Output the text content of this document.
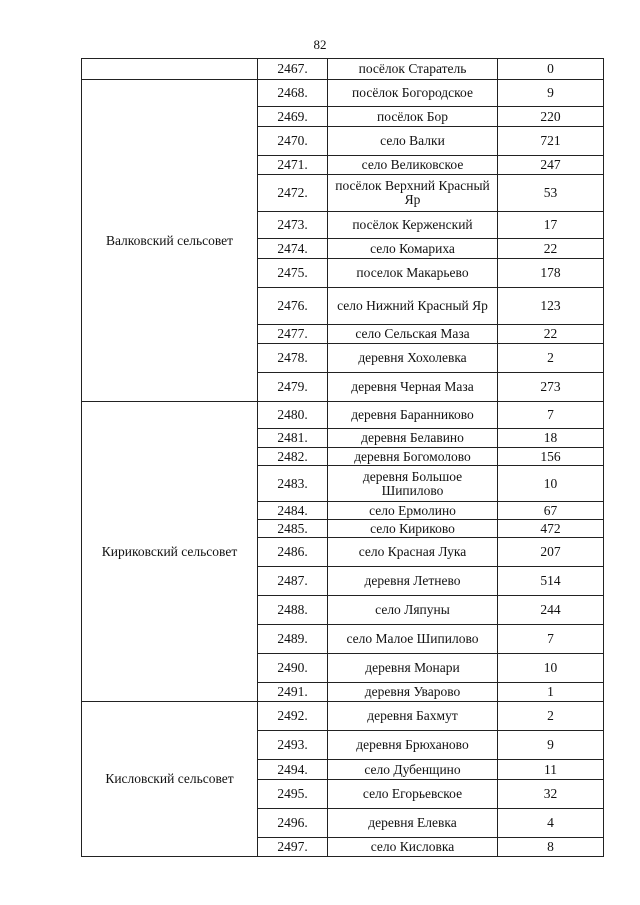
82
	2467.	посёлок Старатель	0
Валковский сельсовет	2468.	посёлок Богородское	9
	2469.	посёлок Бор	220
	2470.	село Валки	721
	2471.	село Великовское	247
	2472.	посёлок Верхний Красный Яр	53
	2473.	посёлок Керженский	17
	2474.	село Комариха	22
	2475.	поселок Макарьево	178
	2476.	село Нижний Красный Яр	123
	2477.	село Сельская Маза	22
	2478.	деревня Хохолевка	2
	2479.	деревня Черная Маза	273
Кириковский сельсовет	2480.	деревня Баранниково	7
	2481.	деревня Белавино	18
	2482.	деревня Богомолово	156
	2483.	деревня Большое Шипилово	10
	2484.	село Ермолино	67
	2485.	село Кириково	472
	2486.	село Красная Лука	207
	2487.	деревня Летнево	514
	2488.	село Ляпуны	244
	2489.	село Малое Шипилово	7
	2490.	деревня Монари	10
	2491.	деревня Уварово	1
Кисловский сельсовет	2492.	деревня Бахмут	2
	2493.	деревня Брюханово	9
	2494.	село Дубенщино	11
	2495.	село Егорьевское	32
	2496.	деревня Елевка	4
	2497.	село Кисловка	8
